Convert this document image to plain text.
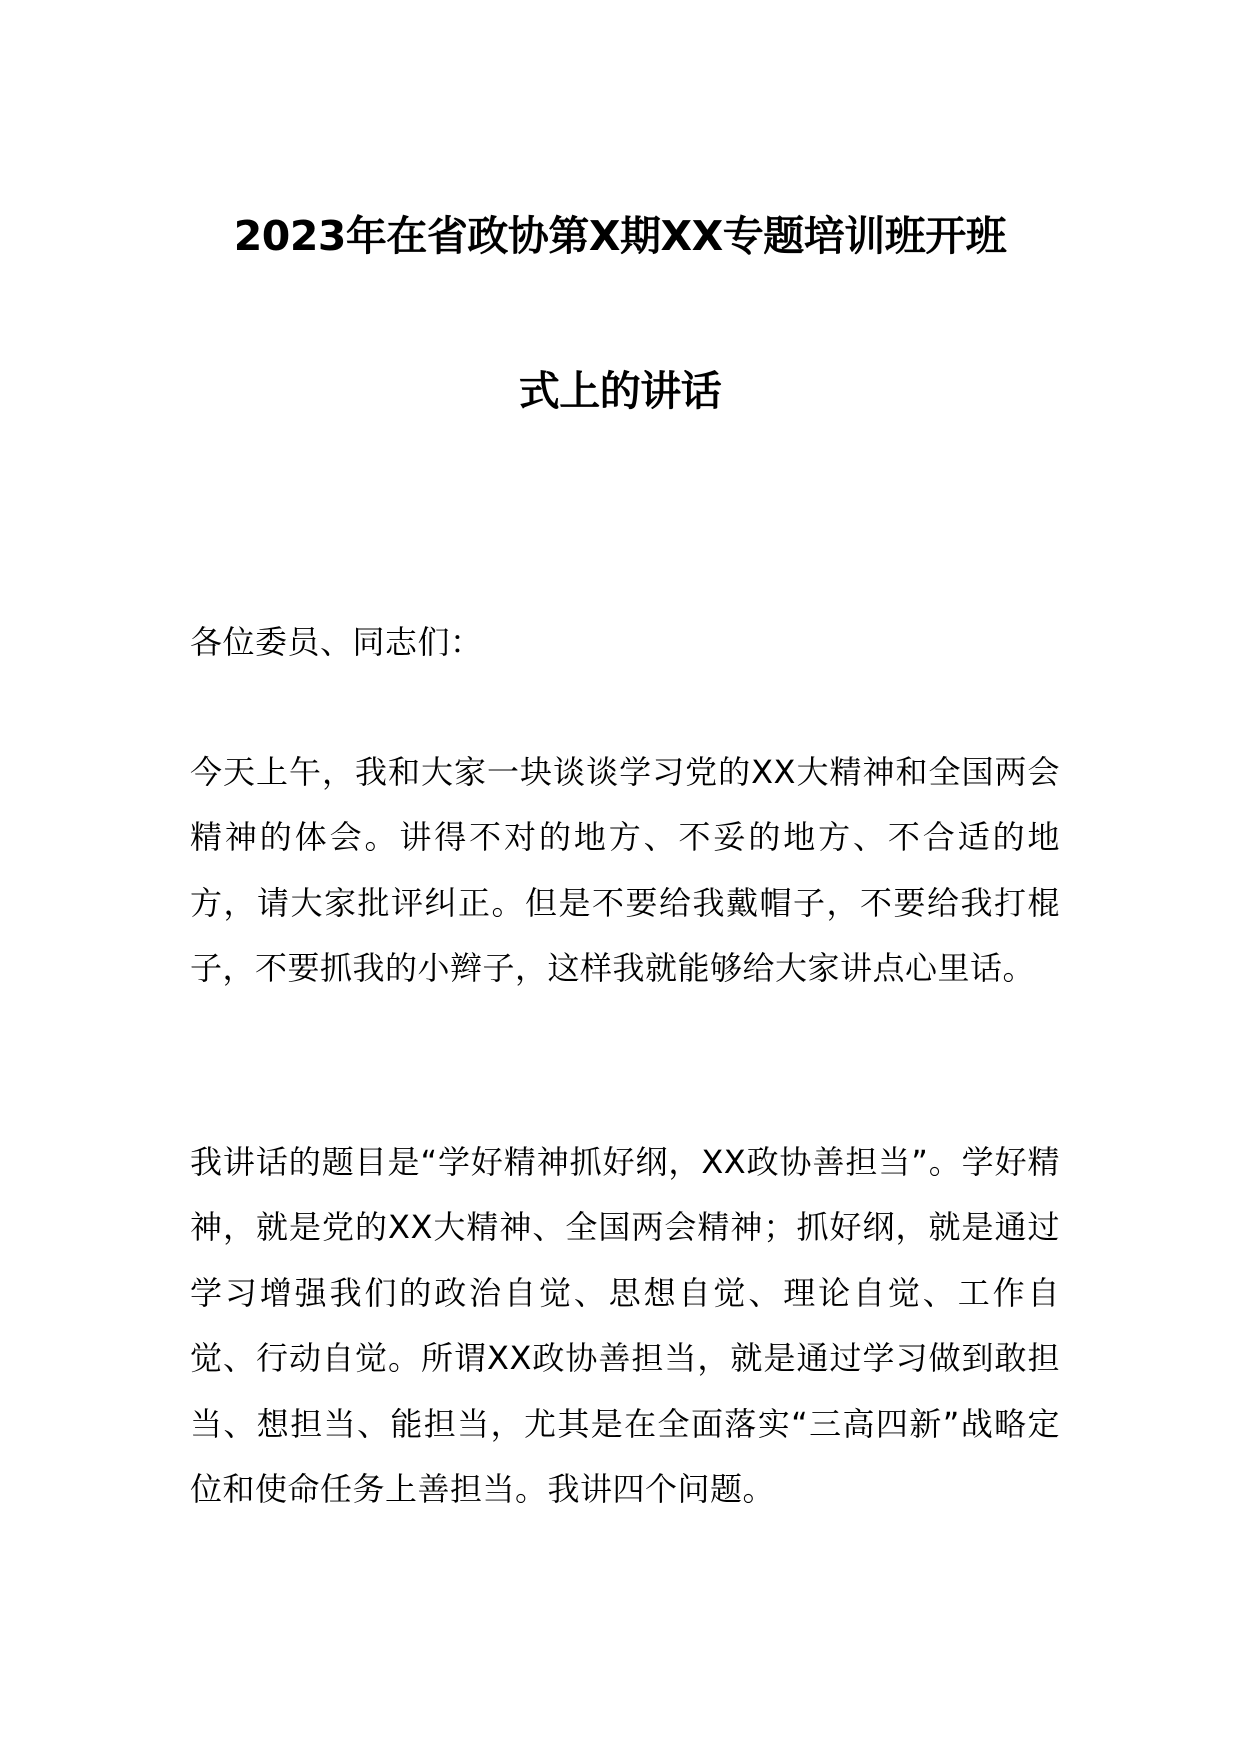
2023年在省政协第X期XX专题培训班开班
式上的讲话

各位委员、同志们：

今天上午，我和大家一块谈谈学习党的XX大精神和全国两会精神的体会。讲得不对的地方、不妥的地方、不合适的地方，请大家批评纠正。但是不要给我戴帽子，不要给我打棍子，不要抓我的小辫子，这样我就能够给大家讲点心里话。

我讲话的题目是“学好精神抓好纲，XX政协善担当”。学好精神，就是党的XX大精神、全国两会精神；抓好纲，就是通过学习增强我们的政治自觉、思想自觉、理论自觉、工作自觉、行动自觉。所谓XX政协善担当，就是通过学习做到敢担当、想担当、能担当，尤其是在全面落实“三高四新”战略定位和使命任务上善担当。我讲四个问题。
